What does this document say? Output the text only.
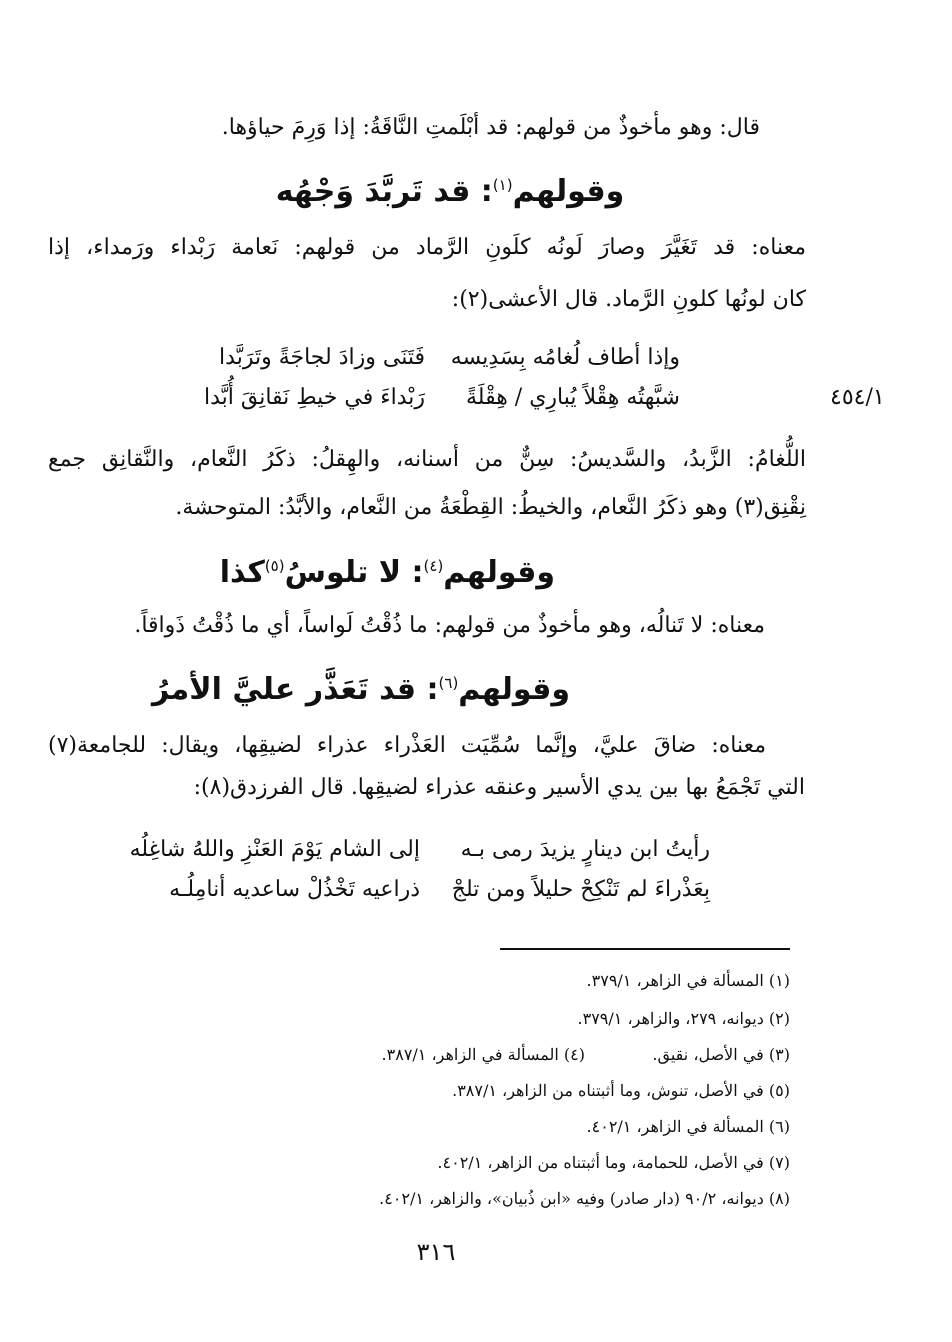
قال: وهو مأخوذٌ من قولهم: قد أبْلَمتِ النَّاقَةُ: إذا وَرِمَ حياؤها.
وقولهم$^{(١)}$: قد تَربَّدَ وَجْهُه
معناه: قد تَغَيَّرَ وصارَ لَونُه كلَونِ الرَّماد من قولهم: نَعامة رَبْداء ورَمداء، إذا
كان لونُها كلونِ الرَّماد. قال الأعشى(٢):
وإذا أطاف لُغامُه بِسَدِيسه
فَتَنَى وزادَ لجاجَةً وتَرَبَّدا
شبَّهتُه هِقْلاً يُبارِي / هِقْلَةً
رَبْداءَ في خيطِ نَقانِقَ أُبَّدا	٤٥٤/١
اللُّغامُ: الزَّبدُ، والسَّديسُ: سِنٌّ من أسنانه، والهِقلُ: ذكَرُ النَّعام، والنَّقانِق جمع
نِقْنِق(٣) وهو ذكَرُ النَّعام، والخيطُ: القِطْعَةُ من النَّعام، والأبَّدُ: المتوحشة.
وقولهم$^{(٤)}$: لا تلوسُ$^{(٥)}$كذا
معناه: لا تَنالُه، وهو مأخوذٌ من قولهم: ما ذُقْتُ لَواساً، أي ما ذُقْتُ ذَواقاً.
وقولهم$^{(٦)}$: قد تَعَذَّر عليَّ الأمرُ
معناه: ضاقَ عليَّ، وإنَّما سُمِّيَت العَذْراء عذراء لضيقِها، ويقال: للجامعة(٧)
التي تَجْمَعُ بها بين يدي الأسير وعنقه عذراء لضيقِها. قال الفرزدق(٨):
رأيتُ ابن دينارٍ يزيدَ رمى بـه
إلى الشام يَوْمَ العَنْزِ واللهُ شاغِلُه
بِعَذْراءَ لم تَنْكِحْ حليلاً ومن تلجْ
ذراعيه تَخْذُلْ ساعديه أنامِلُـه
(١) المسألة في الزاهر، ٣٧٩/١.
(٢) ديوانه، ٢٧٩، والزاهر، ٣٧٩/١.
(٣) في الأصل، نقيق.
(٤) المسألة في الزاهر، ٣٨٧/١.
(٥) في الأصل، تنوش، وما أثبتناه من الزاهر، ٣٨٧/١.
(٦) المسألة في الزاهر، ٤٠٢/١.
(٧) في الأصل، للحمامة، وما أثبتناه من الزاهر، ٤٠٢/١.
(٨) ديوانه، ٩٠/٢ (دار صادر) وفيه «ابن ذُبيان»، والزاهر، ٤٠٢/١.
٣١٦
